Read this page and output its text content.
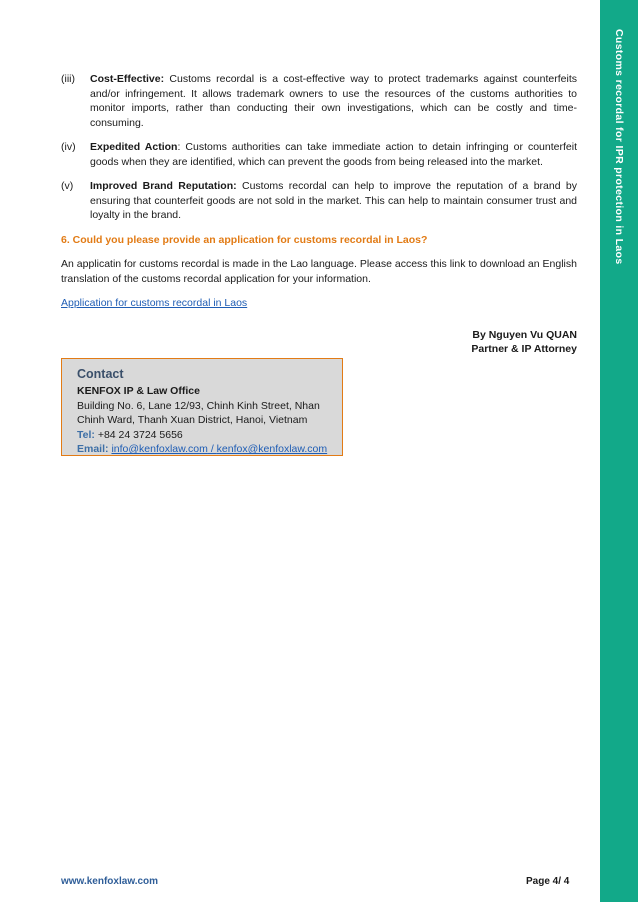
Customs recordal for IPR protection in Laos
(iii)	Cost-Effective: Customs recordal is a cost-effective way to protect trademarks against counterfeits and/or infringement. It allows trademark owners to use the resources of the customs authorities to monitor imports, rather than conducting their own investigations, which can be costly and time-consuming.
(iv)	Expedited Action: Customs authorities can take immediate action to detain infringing or counterfeit goods when they are identified, which can prevent the goods from being released into the market.
(v)	Improved Brand Reputation: Customs recordal can help to improve the reputation of a brand by ensuring that counterfeit goods are not sold in the market. This can help to maintain consumer trust and loyalty in the brand.
6. Could you please provide an application for customs recordal in Laos?
An applicatin for customs recordal is made in the Lao language. Please access this link to download an English translation of the customs recordal application for your information.
Application for customs recordal in Laos
By Nguyen Vu QUAN
Partner & IP Attorney
Contact
KENFOX IP & Law Office
Building No. 6, Lane 12/93, Chinh Kinh Street, Nhan Chinh Ward, Thanh Xuan District, Hanoi, Vietnam
Tel: +84 24 3724 5656
Email: info@kenfoxlaw.com / kenfox@kenfoxlaw.com
www.kenfoxlaw.com	Page 4/ 4
